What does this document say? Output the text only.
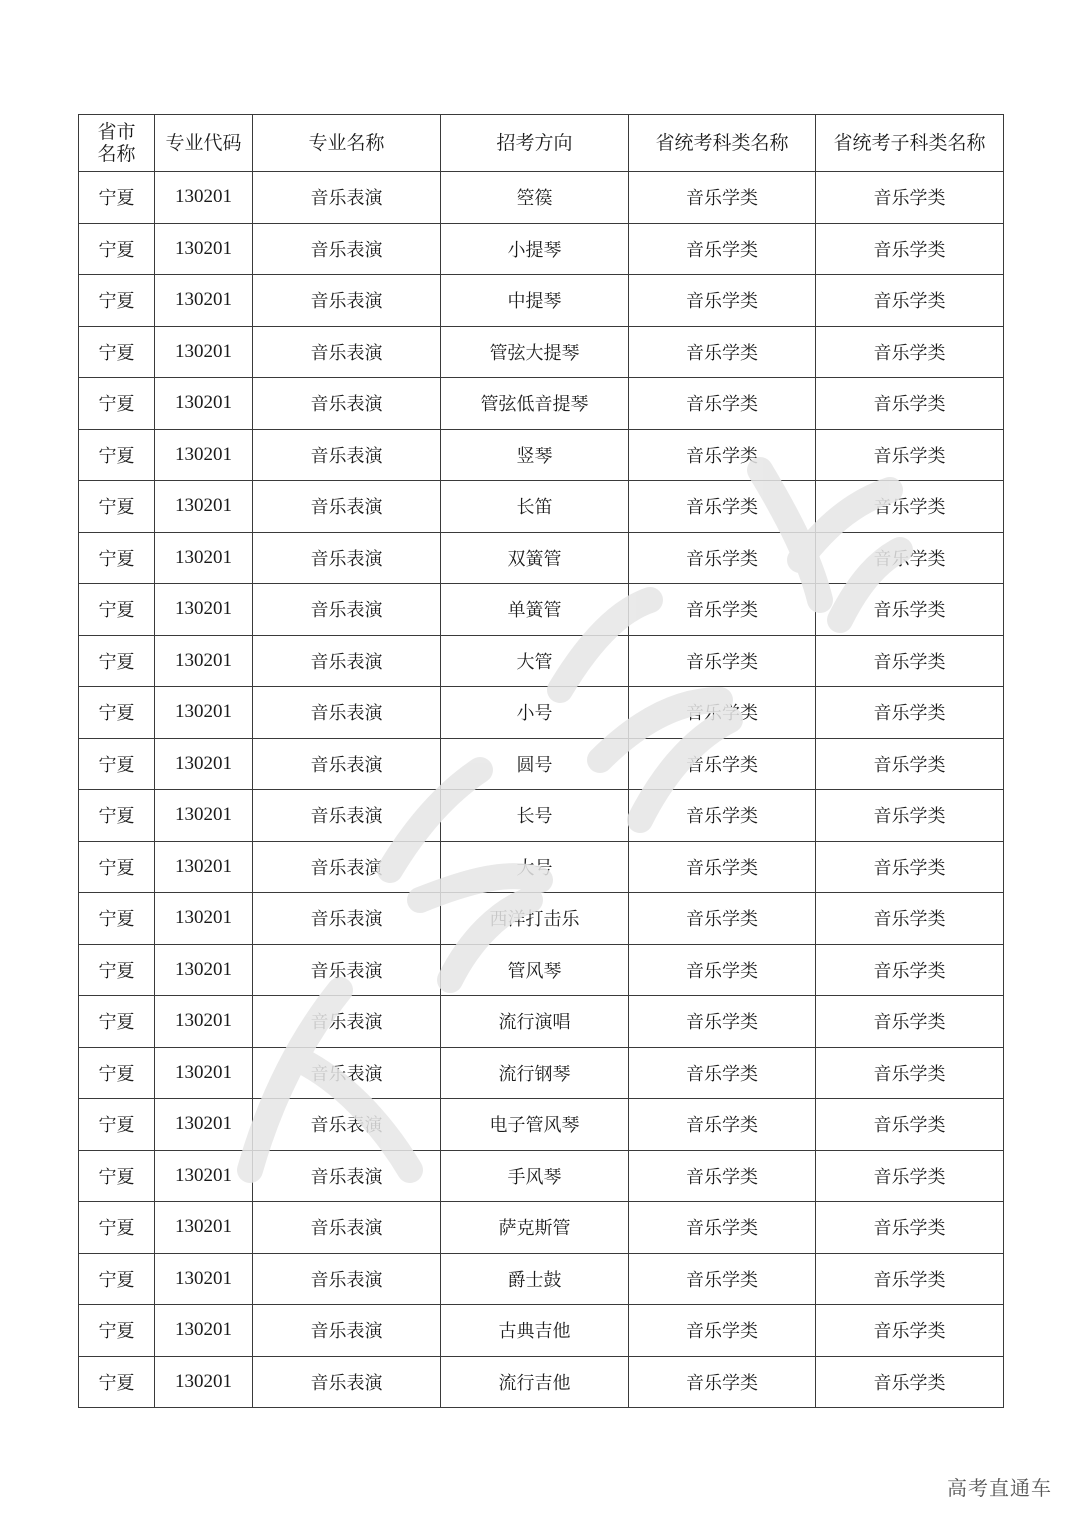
省市
名称	专业代码	专业名称	招考方向	省统考科类名称	省统考子科类名称
宁夏	130201	音乐表演	箜篌	音乐学类	音乐学类
宁夏	130201	音乐表演	小提琴	音乐学类	音乐学类
宁夏	130201	音乐表演	中提琴	音乐学类	音乐学类
宁夏	130201	音乐表演	管弦大提琴	音乐学类	音乐学类
宁夏	130201	音乐表演	管弦低音提琴	音乐学类	音乐学类
宁夏	130201	音乐表演	竖琴	音乐学类	音乐学类
宁夏	130201	音乐表演	长笛	音乐学类	音乐学类
宁夏	130201	音乐表演	双簧管	音乐学类	音乐学类
宁夏	130201	音乐表演	单簧管	音乐学类	音乐学类
宁夏	130201	音乐表演	大管	音乐学类	音乐学类
宁夏	130201	音乐表演	小号	音乐学类	音乐学类
宁夏	130201	音乐表演	圆号	音乐学类	音乐学类
宁夏	130201	音乐表演	长号	音乐学类	音乐学类
宁夏	130201	音乐表演	大号	音乐学类	音乐学类
宁夏	130201	音乐表演	西洋打击乐	音乐学类	音乐学类
宁夏	130201	音乐表演	管风琴	音乐学类	音乐学类
宁夏	130201	音乐表演	流行演唱	音乐学类	音乐学类
宁夏	130201	音乐表演	流行钢琴	音乐学类	音乐学类
宁夏	130201	音乐表演	电子管风琴	音乐学类	音乐学类
宁夏	130201	音乐表演	手风琴	音乐学类	音乐学类
宁夏	130201	音乐表演	萨克斯管	音乐学类	音乐学类
宁夏	130201	音乐表演	爵士鼓	音乐学类	音乐学类
宁夏	130201	音乐表演	古典吉他	音乐学类	音乐学类
宁夏	130201	音乐表演	流行吉他	音乐学类	音乐学类
高考直通车
